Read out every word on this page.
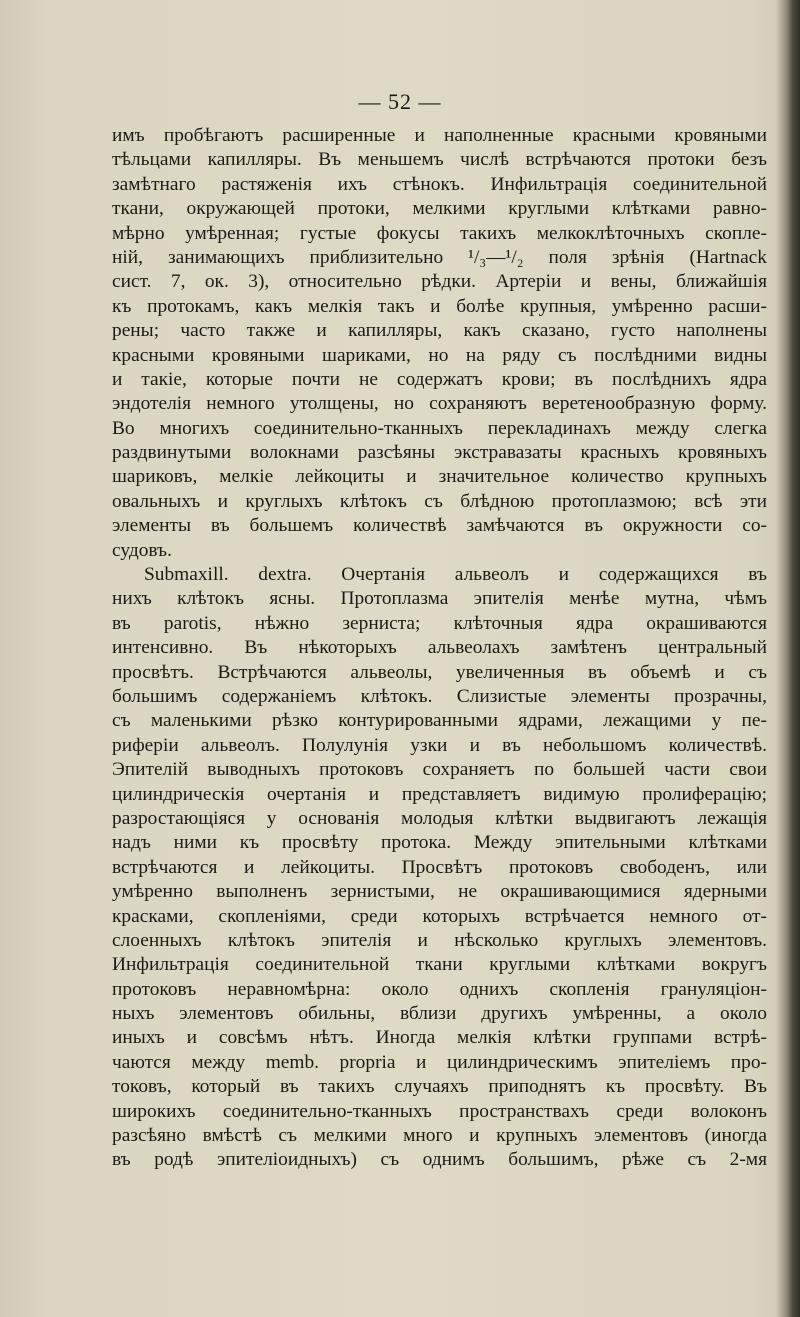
— 52 —
имъ пробѣгаютъ расширенные и наполненные красными кровяными
тѣльцами капилляры. Въ меньшемъ числѣ встрѣчаются протоки безъ
замѣтнаго растяженія ихъ стѣнокъ. Инфильтрація соединительной
ткани, окружающей протоки, мелкими круглыми клѣтками равно-
мѣрно умѣренная; густые фокусы такихъ мелкоклѣточныхъ скопле-
ній, занимающихъ приблизительно ¹/₃—¹/₂ поля зрѣнія (Hartnack
сист. 7, ок. 3), относительно рѣдки. Артеріи и вены, ближайшія
къ протокамъ, какъ мелкія такъ и болѣе крупныя, умѣренно расши-
рены; часто также и капилляры, какъ сказано, густо наполнены
красными кровяными шариками, но на ряду съ послѣдними видны
и такіе, которые почти не содержатъ крови; въ послѣднихъ ядра
эндотелія немного утолщены, но сохраняютъ веретенообразную форму.
Во многихъ соединительно-тканныхъ перекладинахъ между слегка
раздвинутыми волокнами разсѣяны экстравазаты красныхъ кровяныхъ
шариковъ, мелкіе лейкоциты и значительное количество крупныхъ
овальныхъ и круглыхъ клѣтокъ съ блѣдною протоплазмою; всѣ эти
элементы въ большемъ количествѣ замѣчаются въ окружности со-
судовъ.
Submaxill. dextra. Очертанія альвеолъ и содержащихся въ
нихъ клѣтокъ ясны. Протоплазма эпителія менѣе мутна, чѣмъ
въ parotis, нѣжно зерниста; клѣточныя ядра окрашиваются
интенсивно. Въ нѣкоторыхъ альвеолахъ замѣтенъ центральный
просвѣтъ. Встрѣчаются альвеолы, увеличенныя въ объемѣ и съ
большимъ содержаніемъ клѣтокъ. Слизистые элементы прозрачны,
съ маленькими рѣзко контурированными ядрами, лежащими у пе-
риферіи альвеолъ. Полулунія узки и въ небольшомъ количествѣ.
Эпителій выводныхъ протоковъ сохраняетъ по большей части свои
цилиндрическія очертанія и представляетъ видимую пролиферацію;
разростающіяся у основанія молодыя клѣтки выдвигаютъ лежащія
надъ ними къ просвѣту протока. Между эпительными клѣтками
встрѣчаются и лейкоциты. Просвѣтъ протоковъ свободенъ, или
умѣренно выполненъ зернистыми, не окрашивающимися ядерными
красками, скопленіями, среди которыхъ встрѣчается немного от-
слоенныхъ клѣтокъ эпителія и нѣсколько круглыхъ элементовъ.
Инфильтрація соединительной ткани круглыми клѣтками вокругъ
протоковъ неравномѣрна: около однихъ скопленія грануляціон-
ныхъ элементовъ обильны, вблизи другихъ умѣренны, а около
иныхъ и совсѣмъ нѣтъ. Иногда мелкія клѣтки группами встрѣ-
чаются между memb. propria и цилиндрическимъ эпителіемъ про-
токовъ, который въ такихъ случаяхъ приподнятъ къ просвѣту. Въ
широкихъ соединительно-тканныхъ пространствахъ среди волоконъ
разсѣяно вмѣстѣ съ мелкими много и крупныхъ элементовъ (иногда
въ родѣ эпителіоидныхъ) съ однимъ большимъ, рѣже съ 2-мя
